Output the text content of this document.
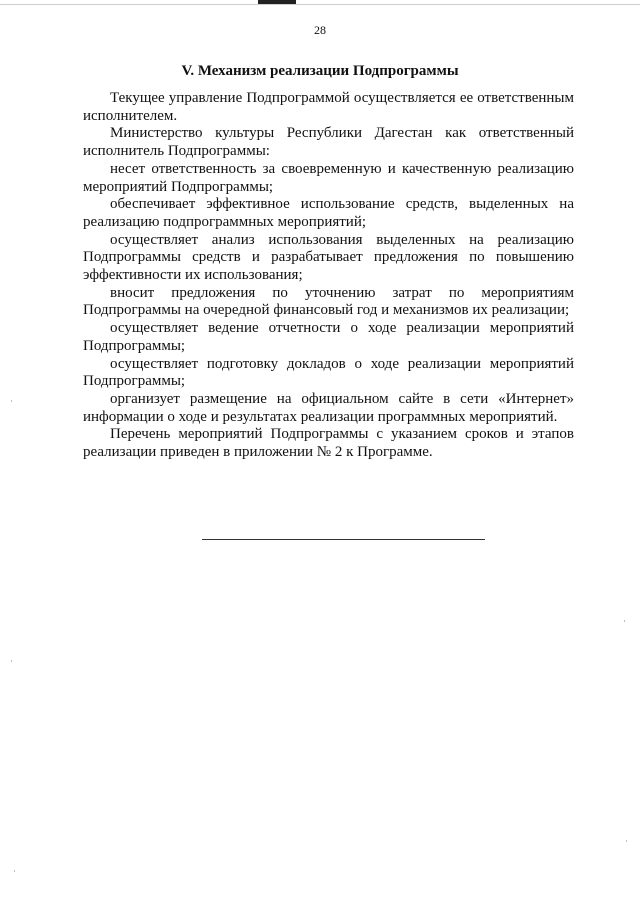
28
V. Механизм реализации Подпрограммы

Текущее управление Подпрограммой осуществляется ее ответственным исполнителем.

Министерство культуры Республики Дагестан как ответственный исполнитель Подпрограммы:

несет ответственность за своевременную и качественную реализацию мероприятий Подпрограммы;

обеспечивает эффективное использование средств, выделенных на реализацию подпрограммных мероприятий;

осуществляет анализ использования выделенных на реализацию Подпрограммы средств и разрабатывает предложения по повышению эффективности их использования;

вносит предложения по уточнению затрат по мероприятиям Подпрограммы на очередной финансовый год и механизмов их реализации;

осуществляет ведение отчетности о ходе реализации мероприятий Подпрограммы;

осуществляет подготовку докладов о ходе реализации мероприятий Подпрограммы;

организует размещение на официальном сайте в сети «Интернет» информации о ходе и результатах реализации программных мероприятий.

Перечень мероприятий Подпрограммы с указанием сроков и этапов реализации приведен в приложении № 2 к Программе.
